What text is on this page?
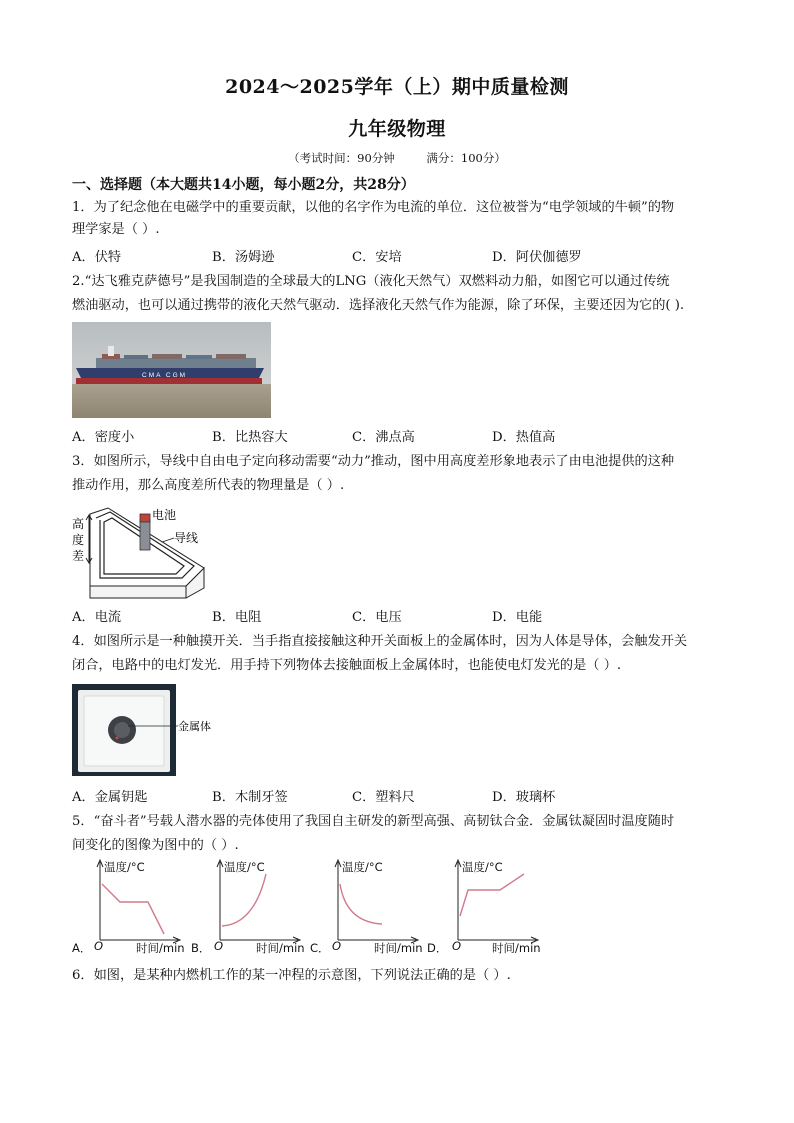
2024～2025学年（上）期中质量检测
九年级物理
（考试时间：90分钟	满分：100分）
一、选择题（本大题共14小题，每小题2分，共28分）
1．为了纪念他在电磁学中的重要贡献，以他的名字作为电流的单位．这位被誉为“电学领域的牛顿”的物
理学家是（ ）.
A．伏特	B．汤姆逊	C．安培	D．阿伏伽德罗
2.“达飞雅克萨德号”是我国制造的全球最大的LNG（液化天然气）双燃料动力船，如图它可以通过传统
燃油驱动，也可以通过携带的液化天然气驱动．选择液化天然气作为能源，除了环保，主要还因为它的( ).
CMA CGM
A．密度小	B．比热容大	C．沸点高	D．热值高
3．如图所示，导线中自由电子定向移动需要“动力”推动，图中用高度差形象地表示了由电池提供的这种
推动作用，那么高度差所代表的物理量是（ ）.
电池
导线
高
度
差
A．电流	B．电阻	C．电压	D．电能
4．如图所示是一种触摸开关．当手指直接接触这种开关面板上的金属体时，因为人体是导体，会触发开关
闭合，电路中的电灯发光．用手持下列物体去接触面板上金属体时，也能使电灯发光的是（ ）.
金属体
A．金属钥匙	B．木制牙签	C．塑料尺	D．玻璃杯
5．“奋斗者”号载人潜水器的壳体使用了我国自主研发的新型高强、高韧钛合金．金属钛凝固时温度随时
间变化的图像为图中的（ ）.
温度/°C
O	时间/min
A．
温度/°C
O	时间/min
B．
温度/°C
O	时间/min
C．
温度/°C
O	时间/min
D．
6．如图，是某种内燃机工作的某一冲程的示意图，下列说法正确的是（ ）.
